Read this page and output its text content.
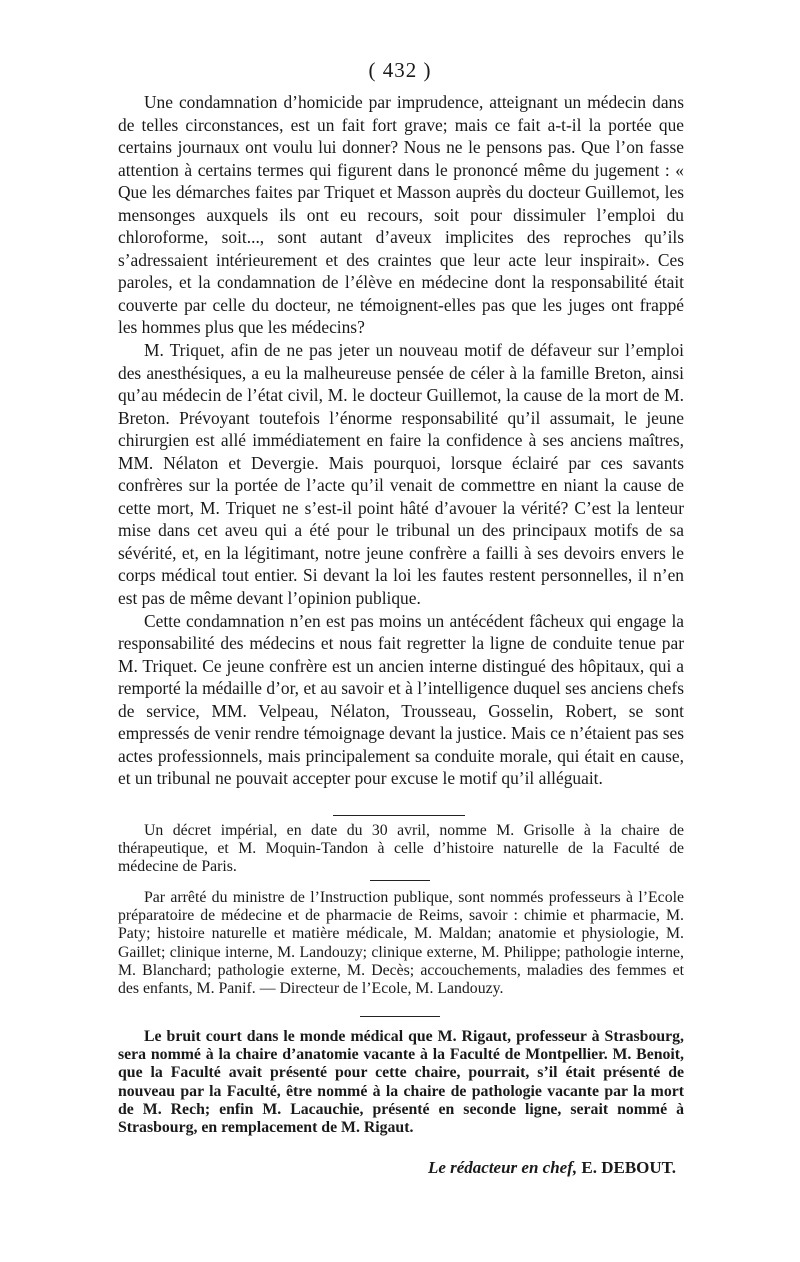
( 432 )

Une condamnation d’homicide par imprudence, atteignant un médecin dans de telles circonstances, est un fait fort grave; mais ce fait a-t-il la portée que certains journaux ont voulu lui donner? Nous ne le pensons pas. Que l’on fasse attention à certains termes qui figurent dans le prononcé même du jugement : « Que les démarches faites par Triquet et Masson auprès du docteur Guillemot, les mensonges auxquels ils ont eu recours, soit pour dissimuler l’emploi du chloroforme, soit..., sont autant d’aveux implicites des reproches qu’ils s’adressaient intérieurement et des craintes que leur acte leur inspirait». Ces paroles, et la condamnation de l’élève en médecine dont la responsabilité était couverte par celle du docteur, ne témoignent-elles pas que les juges ont frappé les hommes plus que les médecins?

M. Triquet, afin de ne pas jeter un nouveau motif de défaveur sur l’emploi des anesthésiques, a eu la malheureuse pensée de céler à la famille Breton, ainsi qu’au médecin de l’état civil, M. le docteur Guillemot, la cause de la mort de M. Breton. Prévoyant toutefois l’énorme responsabilité qu’il assumait, le jeune chirurgien est allé immédiatement en faire la confidence à ses anciens maîtres, MM. Nélaton et Devergie. Mais pourquoi, lorsque éclairé par ces savants confrères sur la portée de l’acte qu’il venait de commettre en niant la cause de cette mort, M. Triquet ne s’est-il point hâté d’avouer la vérité? C’est la lenteur mise dans cet aveu qui a été pour le tribunal un des principaux motifs de sa sévérité, et, en la légitimant, notre jeune confrère a failli à ses devoirs envers le corps médical tout entier. Si devant la loi les fautes restent personnelles, il n’en est pas de même devant l’opinion publique.

Cette condamnation n’en est pas moins un antécédent fâcheux qui engage la responsabilité des médecins et nous fait regretter la ligne de conduite tenue par M. Triquet. Ce jeune confrère est un ancien interne distingué des hôpitaux, qui a remporté la médaille d’or, et au savoir et à l’intelligence duquel ses anciens chefs de service, MM. Velpeau, Nélaton, Trousseau, Gosselin, Robert, se sont empressés de venir rendre témoignage devant la justice. Mais ce n’étaient pas ses actes professionnels, mais principalement sa conduite morale, qui était en cause, et un tribunal ne pouvait accepter pour excuse le motif qu’il alléguait.

Un décret impérial, en date du 30 avril, nomme M. Grisolle à la chaire de thérapeutique, et M. Moquin-Tandon à celle d’histoire naturelle de la Faculté de médecine de Paris.

Par arrêté du ministre de l’Instruction publique, sont nommés professeurs à l’Ecole préparatoire de médecine et de pharmacie de Reims, savoir : chimie et pharmacie, M. Paty; histoire naturelle et matière médicale, M. Maldan; anatomie et physiologie, M. Gaillet; clinique interne, M. Landouzy; clinique externe, M. Philippe; pathologie interne, M. Blanchard; pathologie externe, M. Decès; accouchements, maladies des femmes et des enfants, M. Panif. — Directeur de l’Ecole, M. Landouzy.

Le bruit court dans le monde médical que M. Rigaut, professeur à Strasbourg, sera nommé à la chaire d’anatomie vacante à la Faculté de Montpellier. M. Benoit, que la Faculté avait présenté pour cette chaire, pourrait, s’il était présenté de nouveau par la Faculté, être nommé à la chaire de pathologie vacante par la mort de M. Rech; enfin M. Lacauchie, présenté en seconde ligne, serait nommé à Strasbourg, en remplacement de M. Rigaut.

Le rédacteur en chef, E. DEBOUT.
